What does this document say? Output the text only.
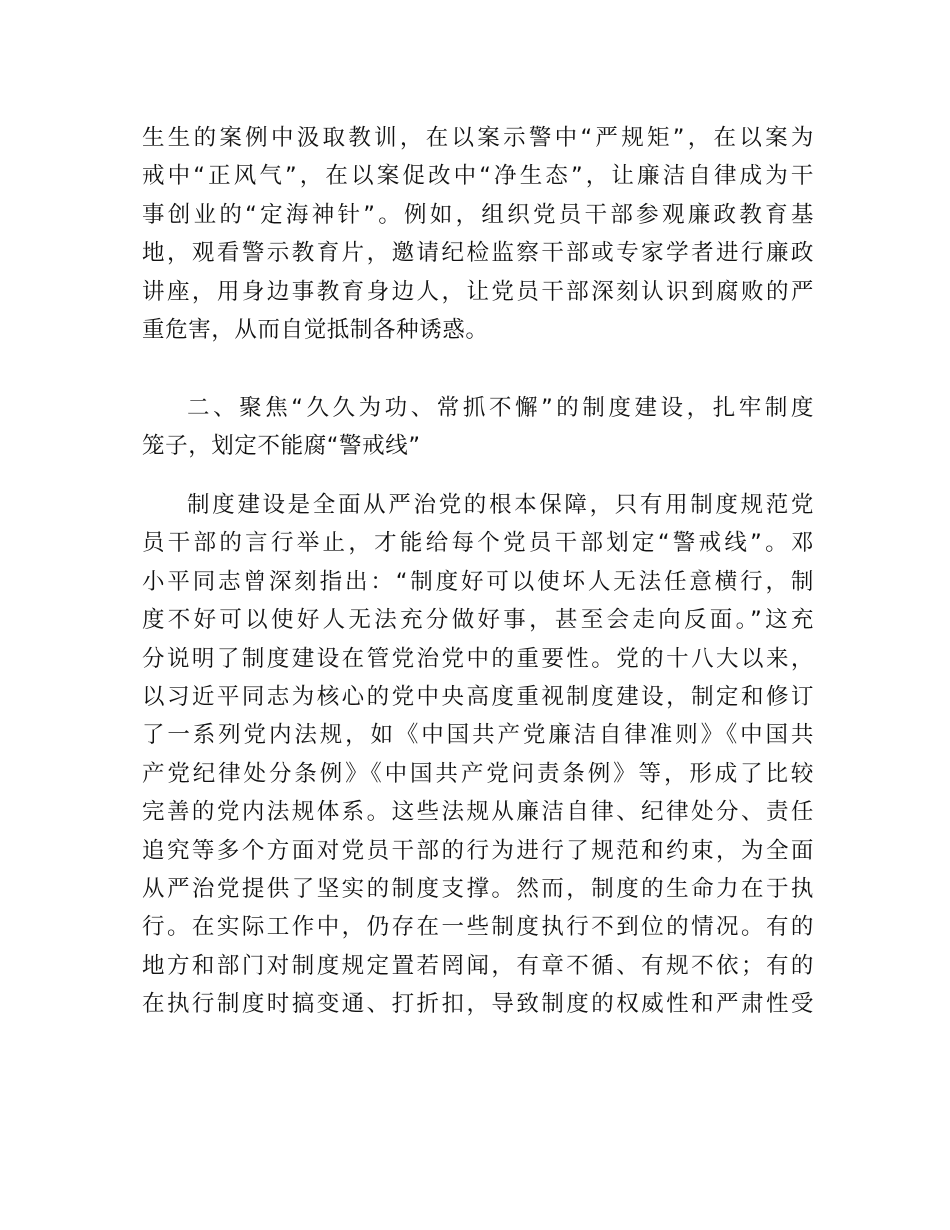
生生的案例中汲取教训，在以案示警中“严规矩”，在以案为
戒中“正风气”，在以案促改中“净生态”，让廉洁自律成为干
事创业的“定海神针”。例如，组织党员干部参观廉政教育基
地，观看警示教育片，邀请纪检监察干部或专家学者进行廉政
讲座，用身边事教育身边人，让党员干部深刻认识到腐败的严
重危害，从而自觉抵制各种诱惑。
二、聚焦“久久为功、常抓不懈”的制度建设，扎牢制度
笼子，划定不能腐“警戒线”
制度建设是全面从严治党的根本保障，只有用制度规范党
员干部的言行举止，才能给每个党员干部划定“警戒线”。邓
小平同志曾深刻指出：“制度好可以使坏人无法任意横行，制
度不好可以使好人无法充分做好事，甚至会走向反面。”这充
分说明了制度建设在管党治党中的重要性。党的十八大以来，
以习近平同志为核心的党中央高度重视制度建设，制定和修订
了一系列党内法规，如《中国共产党廉洁自律准则》《中国共
产党纪律处分条例》《中国共产党问责条例》等，形成了比较
完善的党内法规体系。这些法规从廉洁自律、纪律处分、责任
追究等多个方面对党员干部的行为进行了规范和约束，为全面
从严治党提供了坚实的制度支撑。然而，制度的生命力在于执
行。在实际工作中，仍存在一些制度执行不到位的情况。有的
地方和部门对制度规定置若罔闻，有章不循、有规不依；有的
在执行制度时搞变通、打折扣，导致制度的权威性和严肃性受
